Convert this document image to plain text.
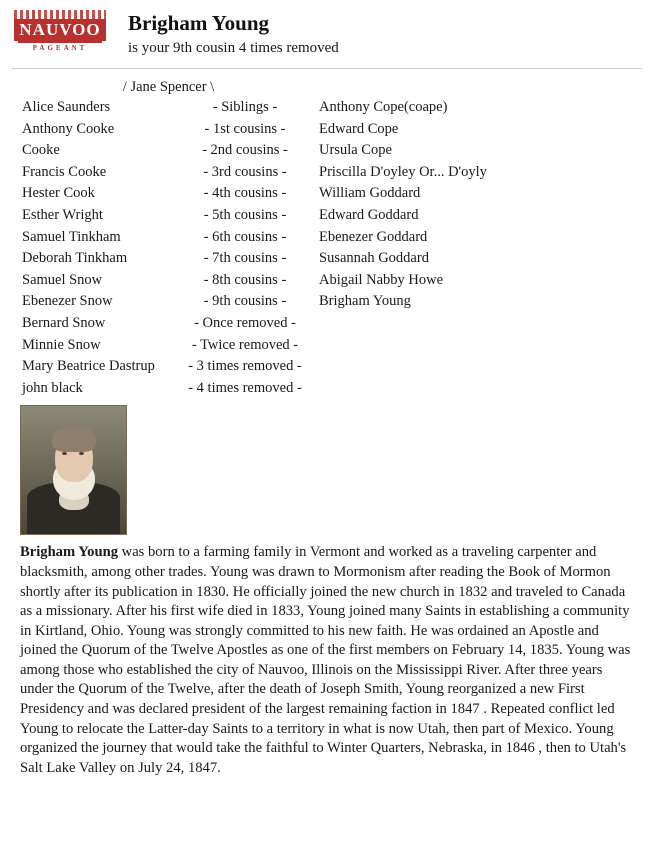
NAUVOO
PAGEANT
Brigham Young
is your 9th cousin 4 times removed
/ Jane Spencer \
Alice Saunders	- Siblings -	Anthony Cope(coape)
Anthony Cooke	- 1st cousins -	Edward Cope
Cooke	- 2nd cousins -	Ursula Cope
Francis Cooke	- 3rd cousins -	Priscilla D'oyley Or... D'oyly
Hester Cook	- 4th cousins -	William Goddard
Esther Wright	- 5th cousins -	Edward Goddard
Samuel Tinkham	- 6th cousins -	Ebenezer Goddard
Deborah Tinkham	- 7th cousins -	Susannah Goddard
Samuel Snow	- 8th cousins -	Abigail Nabby Howe
Ebenezer Snow	- 9th cousins -	Brigham Young
Bernard Snow	- Once removed -
Minnie Snow	- Twice removed -
Mary Beatrice Dastrup	- 3 times removed -
john black	- 4 times removed -
Brigham Young was born to a farming family in Vermont and worked as a traveling carpenter and blacksmith, among other trades. Young was drawn to Mormonism after reading the Book of Mormon shortly after its publication in 1830. He officially joined the new church in 1832 and traveled to Canada as a missionary. After his first wife died in 1833, Young joined many Saints in establishing a community in Kirtland, Ohio. Young was strongly committed to his new faith. He was ordained an Apostle and joined the Quorum of the Twelve Apostles as one of the first members on February 14, 1835. Young was among those who established the city of Nauvoo, Illinois on the Mississippi River. After three years under the Quorum of the Twelve, after the death of Joseph Smith, Young reorganized a new First Presidency and was declared president of the largest remaining faction in 1847 . Repeated conflict led Young to relocate the Latter-day Saints to a territory in what is now Utah, then part of Mexico. Young organized the journey that would take the faithful to Winter Quarters, Nebraska, in 1846 , then to Utah's Salt Lake Valley on July 24, 1847.
